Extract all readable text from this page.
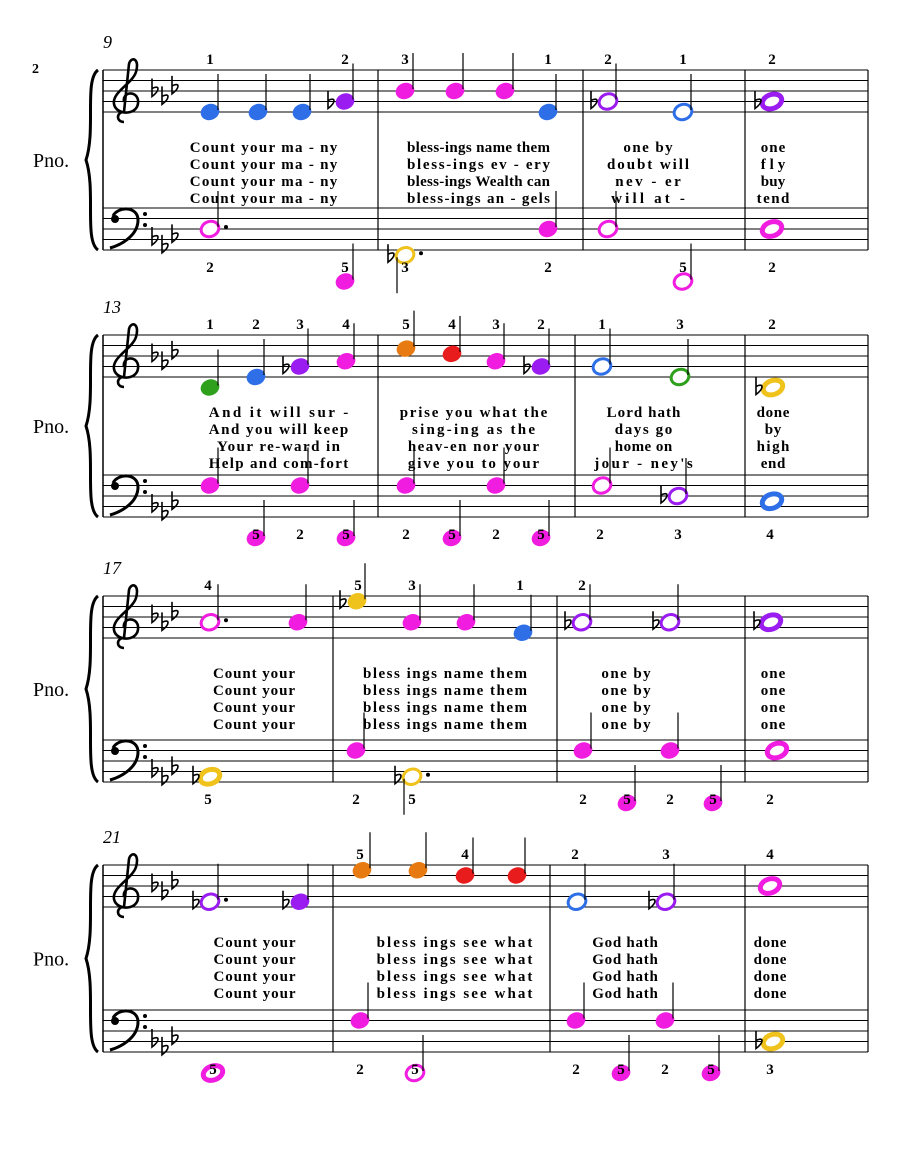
2
9
Pno.
1	2	3	1	2	1	2
2	5	3	2	5	2
Count your ma - ny	bless-ings name them	one by	one
Count your ma - ny	bless-ings ev - ery	doubt will	fly
Count your ma - ny	bless-ings Wealth can	nev - er	buy
Count your ma - ny	bless-ings an - gels	will at -	tend
13
Pno.
1	2 3	4	5	4 3	2	1	3	2
5 2	5	2	5 2	5	2	3	4
And it will sur -	prise you what the	Lord hath	done
And you will keep	sing-ing as the	days go	by
Your re-ward in	heav-en nor your	home on	high
Help and com-fort	give you to your	jour - ney's	end
17
Pno.
4	5	3	1	2
5	2	5	2 5 2 5	2
Count your	bless ings name them	one by	one
Count your	bless ings name them	one by	one
Count your	bless ings name them	one by	one
Count your	bless ings name them	one by	one
21
Pno.
5	4	2	3	4
5	2	5	2	5 2	5	3
Count your	bless ings see what	God hath	done
Count your	bless ings see what	God hath	done
Count your	bless ings see what	God hath	done
Count your	bless ings see what	God hath	done
